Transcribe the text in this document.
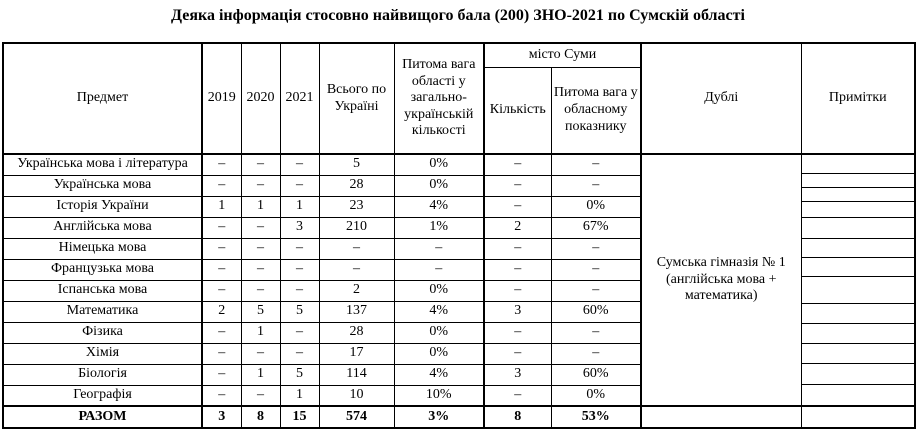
Деяка інформація стосовно найвищого бала (200) ЗНО-2021 по Сумскій області
Предмет	2019	2020	2021	Всього по Україні	Питома вага області у загально-українській кількості	місто Суми		Дублі	Примітки
						Кількість	Питома вага у обласному показнику		
Українська мова і література	–	–	–	5	0%	–	–	Сумська гімназія № 1 (англійська мова + математика)	

Українська мова	–	–	–	28	0%	–	–		
Історія України	1	1	1	23	4%	–	0%		
Англійська мова	–	–	3	210	1%	2	67%		
Німецька мова	–	–	–	–	–	–	–		
Французька мова	–	–	–	–	–	–	–		
Іспанська мова	–	–	–	2	0%	–	–		
Математика	2	5	5	137	4%	3	60%		
Фізика	–	1	–	28	0%	–	–		
Хімія	–	–	–	17	0%	–	–		
Біологія	–	1	5	114	4%	3	60%		
Географія	–	–	1	10	10%	–	0%		
РАЗОМ	3	8	15	574	3%	8	53%		
